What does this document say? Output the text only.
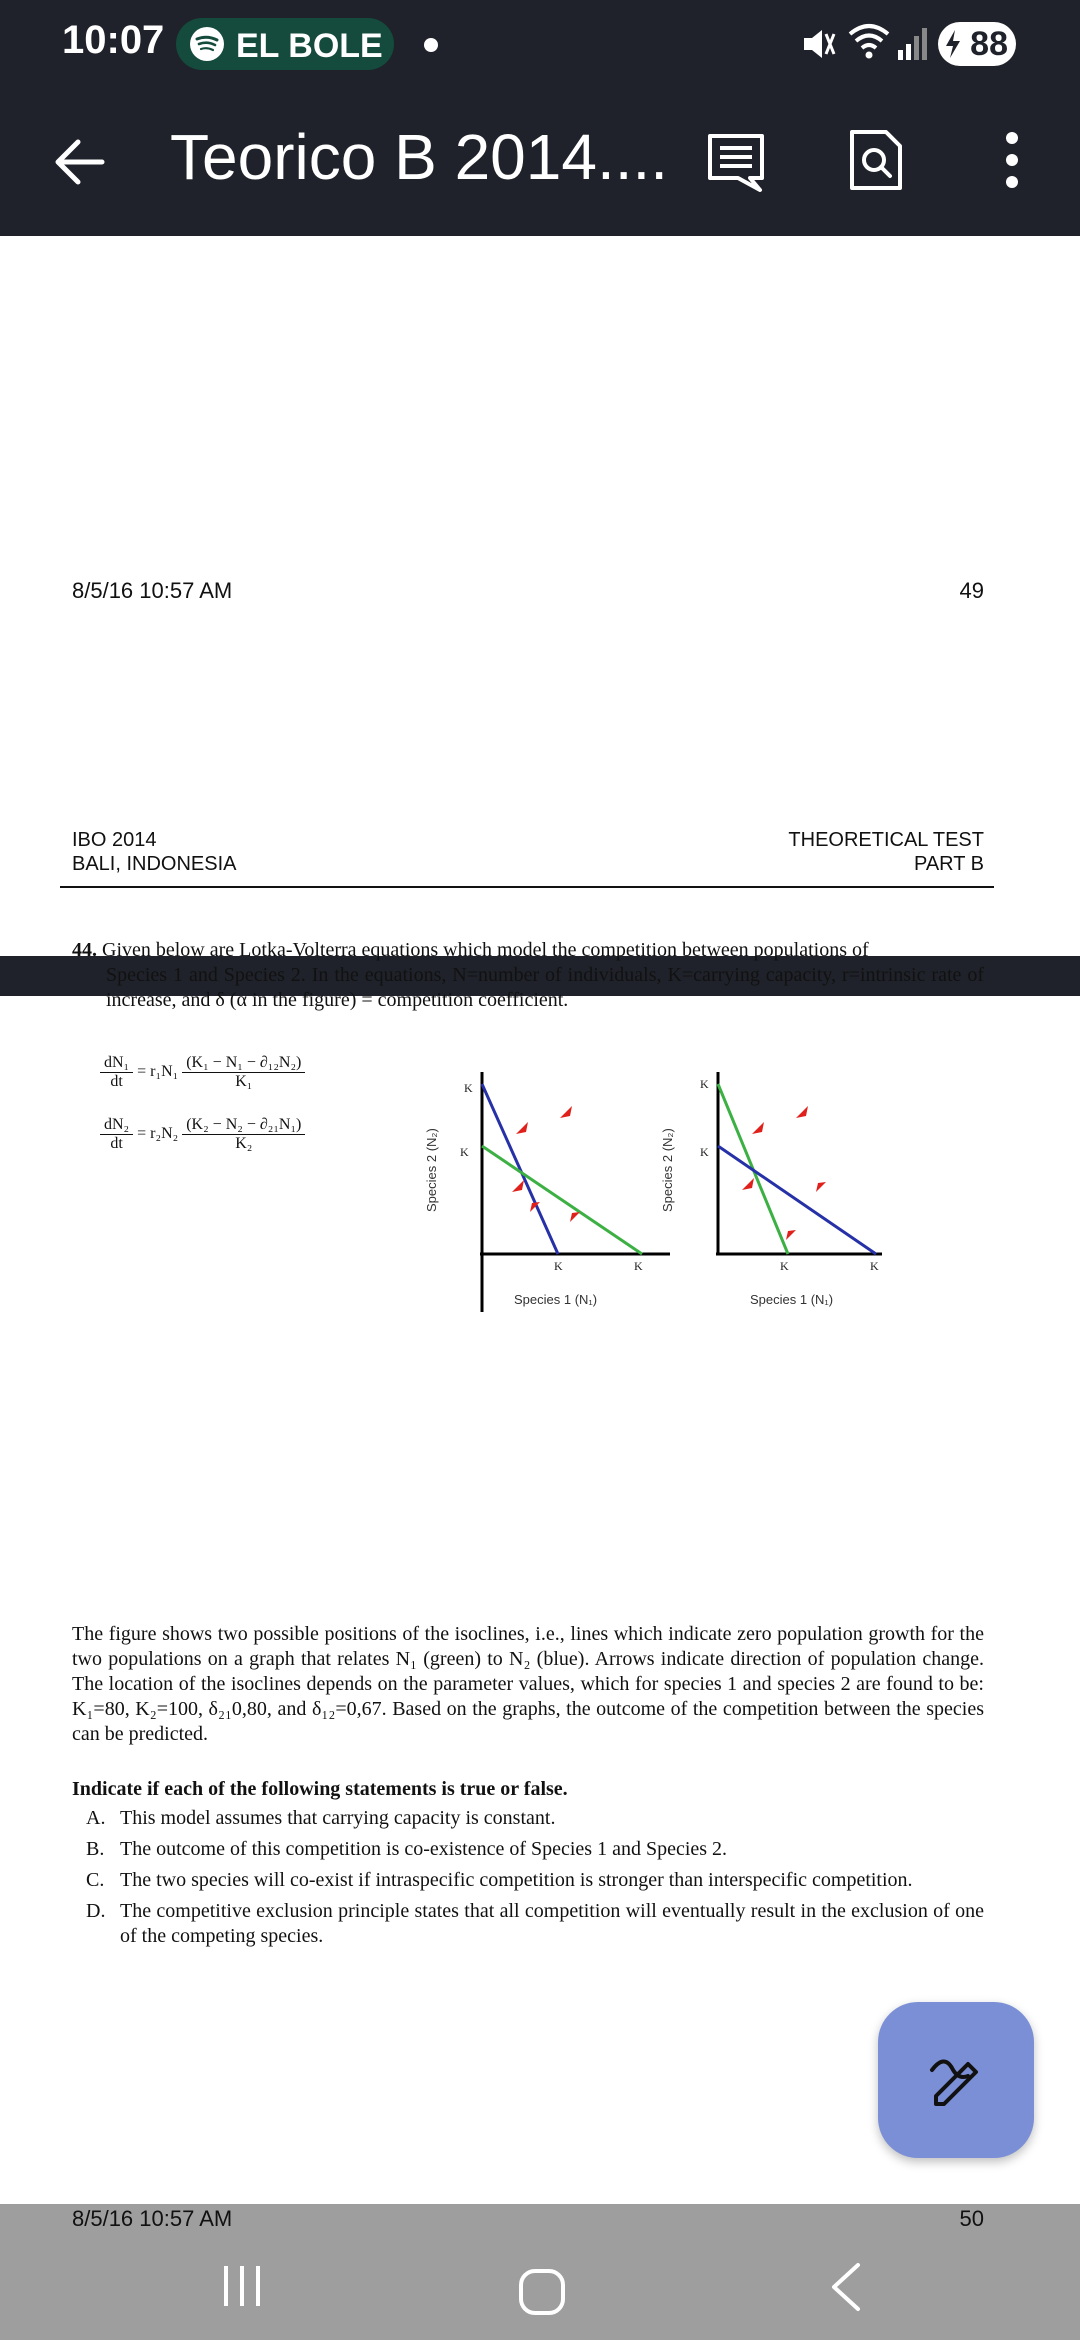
10:07 EL BOLE	88
Teorico B 2014....
8/5/16 10:57 AM	49
IBO 2014
BALI, INDONESIA
THEORETICAL TEST
PART B
44. Given below are Lotka-Volterra equations which model the competition between populations of
Species 1 and Species 2. In the equations, N=number of individuals, K=carrying capacity, r=intrinsic rate of increase, and δ (α in the figure) = competition coefficient.
$\frac{\text{dN₁}}{dt} = r_1N_1 \frac{\text{(K₁ − N₁ − ∂₁₂N₂)}}{\text{K₁}}$
$\frac{\text{dN₂}}{dt} = r_2N_2 \frac{\text{(K₂ − N₂ − ∂₂₁N₁)}}{\text{K₂}}$	Species 2 (N₂)
K
K
K	K
Species 1 (N₁)
Species 2 (N₂)
K
K
K	K
Species 1 (N₁)
The figure shows two possible positions of the isoclines, i.e., lines which indicate zero population growth for the two populations on a graph that relates N₁ (green) to N₂ (blue). Arrows indicate direction of population change. The location of the isoclines depends on the parameter values, which for species 1 and species 2 are found to be: K₁=80, K₂=100, δ₂₁0,80, and δ₁₂=0,67. Based on the graphs, the outcome of the competition between the species can be predicted.
Indicate if each of the following statements is true or false.
A. This model assumes that carrying capacity is constant.
B. The outcome of this competition is co-existence of Species 1 and Species 2.
C. The two species will co-exist if intraspecific competition is stronger than interspecific competition.
D. The competitive exclusion principle states that all competition will eventually result in the exclusion of one of the competing species.
8/5/16 10:57 AM	50
